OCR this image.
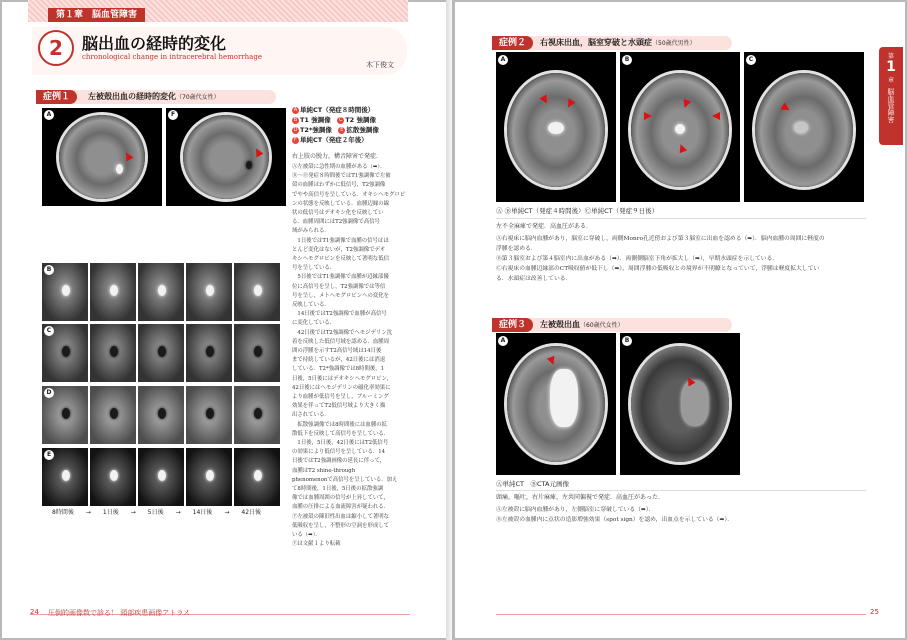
第１章　脳血管障害
2	脳出血の経時的変化
chronological change in intracerebral hemorrhage
木下俊文
症例１	左被殻出血の経時的変化（70歳代女性）
A	F
B
C
D
E
8時間後　　 →　　 1日後　　 →　　 5日後　　 →　　 14日後　　 →　　 42日後
A 単純CT（発症８時間後）
B T1 強調像　 C T2 強調像
D T2*強調像　 E 拡散強調像
F 単純CT（発症２年後）
右上肢の脱力，構音障害で発症．
Ⓐ左被殻に急性期の血腫がある（➡）．
Ⓑ～Ⓔ発症８時間後ではT1強調像で左被
殻の血腫はわずかに低信号，T2強調像
でやや高信号を呈している．オキシヘモグロビ
ンの状態を反映している．血腫辺縁の線
状の低信号はデオキシ化を反映してい
る．血腫周囲にはT2強調像で高信号
域がみられる．
　1日後ではT1強調像で血腫の信号はほ
とんど変化はないが，T2強調像でデオ
キシヘモグロビンを反映して著明な低信
号を呈している．
　5日後ではT1強調像で血腫が辺縁部優
位に高信号を呈し，T2強調像では等信
号を呈し，メトヘモグロビンへの変化を
反映している．
　14日後ではT2強調像で血腫が高信号
に変化している．
　42日後ではT2強調像でヘモジデリン沈
着を反映した低信号域を認める．血腫周
囲の浮腫を示すT2高信号域は14日後
まで持続しているが，42日後には消退
している．T2*強調像では8時間後，1
日後，5日後にはデオキシヘモグロビン，
42日後にはヘモジデリンの磁化率効果に
より血腫が低信号を呈し，ブルーミング
効果を伴ってT2低信号域より大きく描
出されている．
　拡散強調像では8時間後には血腫の拡
散低下を反映して高信号を呈している．
　1日後，5日後，42日後にはT2低信号
の効果により低信号を呈している．14
日後ではT2強調画像の延長に伴って，
血腫はT2 shine-through
phenomenonで高信号を呈している．加え
て8時間後，1日後，5日後の拡散強調
像では血腫周囲の信号が上昇していて，
血腫の圧排による血流障害が疑われる．
Ⓕ左被殻の陳旧性出血は縮小して著明な
低吸収を呈し，不整形の空洞を形成して
いる（➡）．
Ⓕは文献１より転載
24 圧倒的画像数で診る！ 頭部疾患画像アトラス
第
1
章
脳血管障害
症例２	右視床出血，脳室穿破と水頭症（50歳代男性）
A	B	C
Ⓐ Ⓑ単純CT（発症４時間後）Ⓒ単純CT（発症９日後）
左不全麻痺で発症．高血圧がある．
Ⓐ右視床に脳内血腫があり，脳室に穿破し，両側Monro孔近傍および第３脳室に出血を認める（➡）．脳内血腫の周囲に軽度の
浮腫を認める．
Ⓑ第３脳室および第４脳室内に出血がある（➡）．両側側脳室下角が拡大し（➡），早期水頭症を示している．
Ⓒ右視床の血腫辺縁部のCT吸収値が低下し（➡），周囲浮腫の低吸収との境界が不明瞭となっていて，浮腫は軽度拡大してい
る．水頭症は改善している．
症例３	左被殻出血（60歳代女性）
A	B
Ⓐ単純CT　ⒷCTA元画像
頭痛，嘔吐，右片麻痺，左共同偏視で発症．高血圧があった．
Ⓐ左被殻に脳内血腫があり，左側脳室に穿破している（➡）．
Ⓑ左被殻の血腫内に点状の造影増強効果（spot sign）を認め，出血点を示している（➡）．
25
